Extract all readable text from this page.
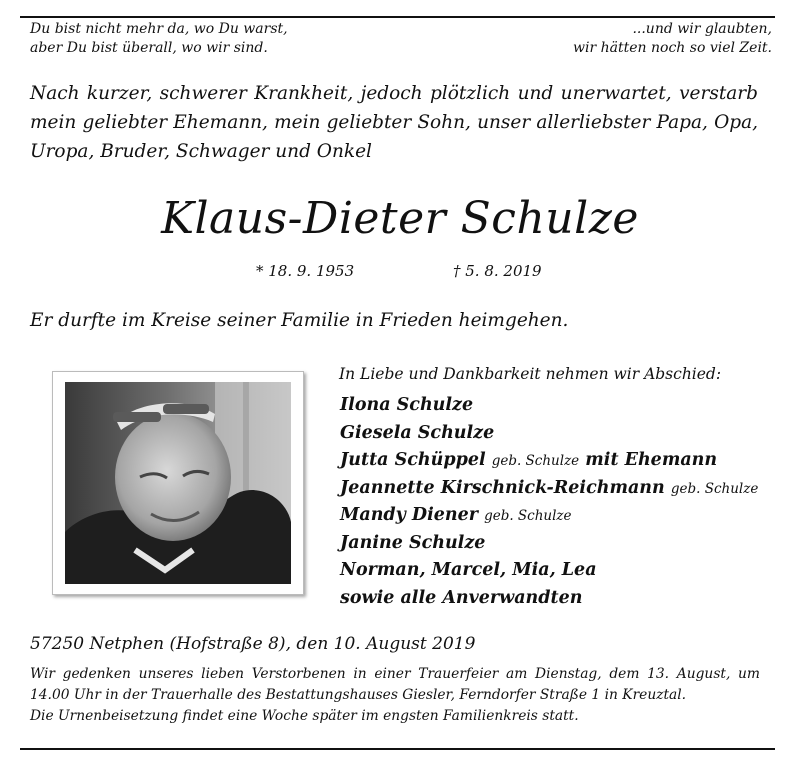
Du bist nicht mehr da, wo Du warst,
aber Du bist überall, wo wir sind.
...und wir glaubten,
wir hätten noch so viel Zeit.
Nach kurzer, schwerer Krankheit, jedoch plötzlich und unerwartet, verstarb
mein geliebter Ehemann, mein geliebter Sohn, unser allerliebster Papa, Opa,
Uropa, Bruder, Schwager und Onkel
Klaus-Dieter Schulze
* 18. 9. 1953	† 5. 8. 2019
Er durfte im Kreise seiner Familie in Frieden heimgehen.
In Liebe und Dankbarkeit nehmen wir Abschied:
Ilona Schulze
Giesela Schulze
Jutta Schüppel geb. Schulze mit Ehemann
Jeannette Kirschnick-Reichmann geb. Schulze
Mandy Diener geb. Schulze
Janine Schulze
Norman, Marcel, Mia, Lea
sowie alle Anverwandten
57250 Netphen (Hofstraße 8), den 10. August 2019
Wir gedenken unseres lieben Verstorbenen in einer Trauerfeier am Dienstag, dem 13. August, um
14.00 Uhr in der Trauerhalle des Bestattungshauses Giesler, Ferndorfer Straße 1 in Kreuztal.
Die Urnenbeisetzung findet eine Woche später im engsten Familienkreis statt.
